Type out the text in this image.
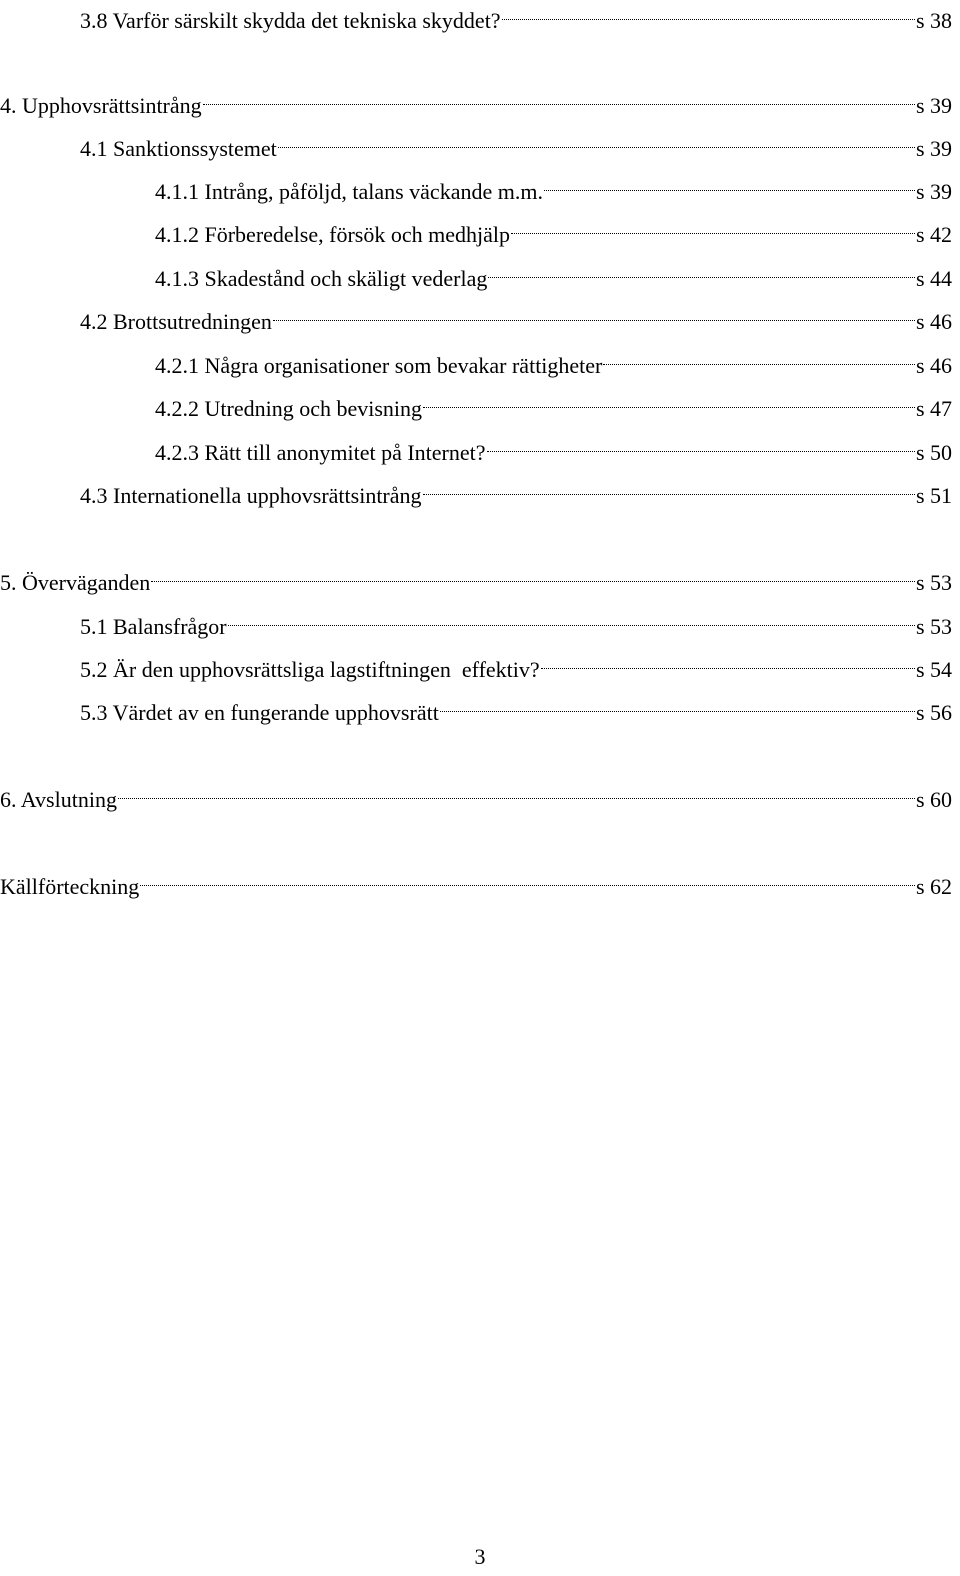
3.8 Varför särskilt skydda det tekniska skyddet?	s 38
4. Upphovsrättsintrång	s 39
4.1 Sanktionssystemet	s 39
4.1.1 Intrång, påföljd, talans väckande m.m.	s 39
4.1.2 Förberedelse, försök och medhjälp	s 42
4.1.3 Skadestånd och skäligt vederlag	s 44
4.2 Brottsutredningen	s 46
4.2.1 Några organisationer som bevakar rättigheter	s 46
4.2.2 Utredning och bevisning	s 47
4.2.3 Rätt till anonymitet på Internet?	s 50
4.3 Internationella upphovsrättsintrång	s 51
5. Överväganden	s 53
5.1 Balansfrågor	s 53
5.2 Är den upphovsrättsliga lagstiftningen  effektiv?	s 54
5.3 Värdet av en fungerande upphovsrätt	s 56
6. Avslutning	s 60
Källförteckning	s 62
3
